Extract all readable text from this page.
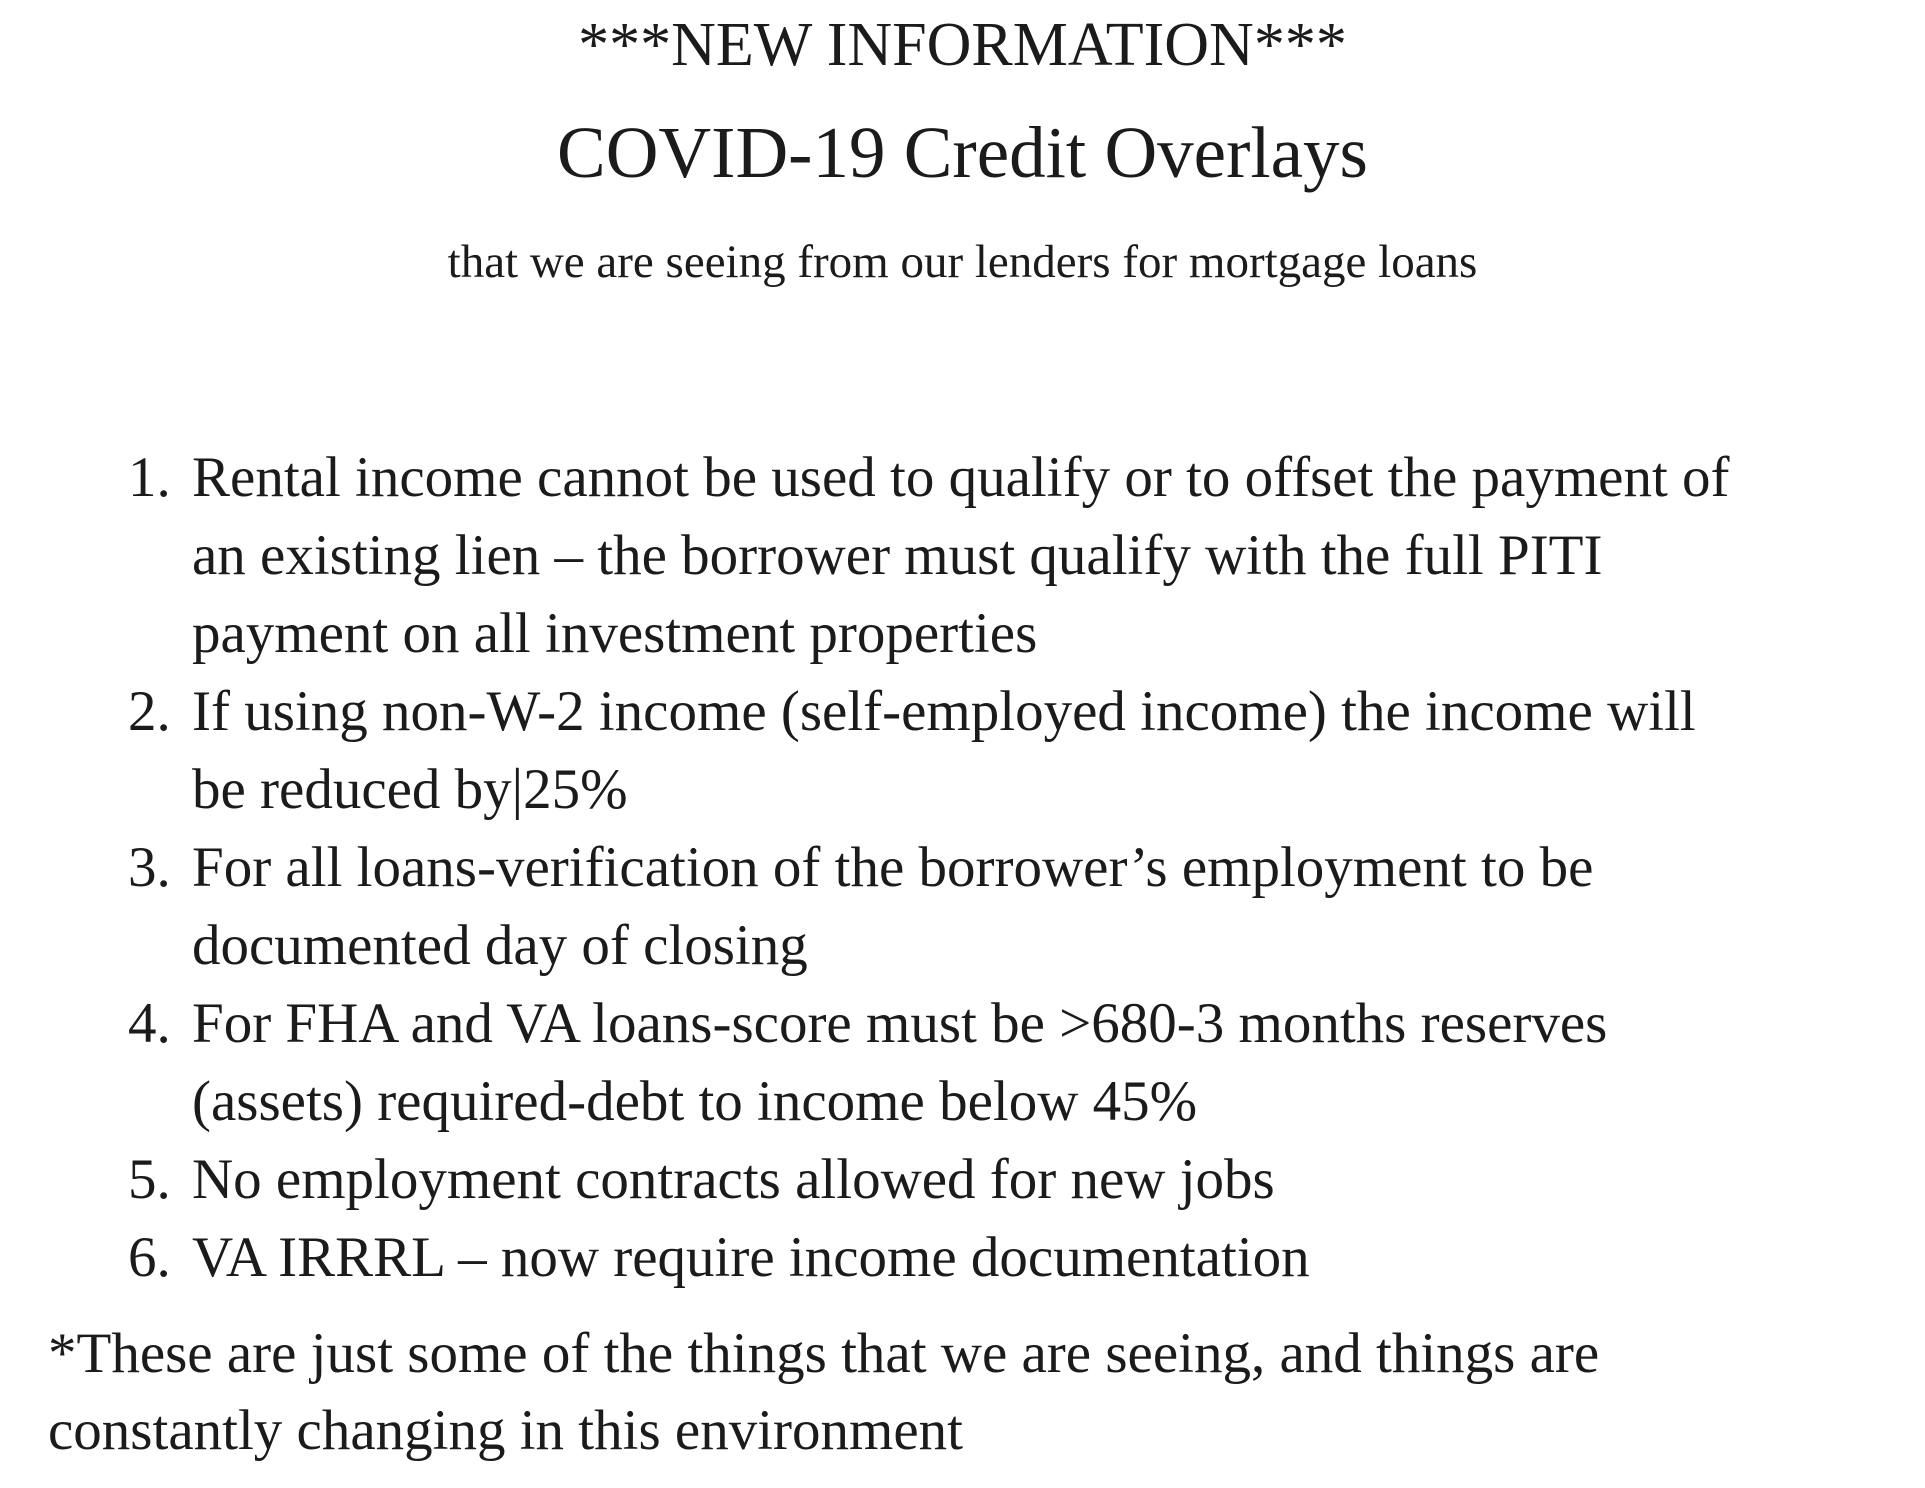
***NEW INFORMATION***
COVID-19 Credit Overlays
that we are seeing from our lenders for mortgage loans
1. Rental income cannot be used to qualify or to offset the payment of
an existing lien – the borrower must qualify with the full PITI
payment on all investment properties
2. If using non-W-2 income (self-employed income) the income will
be reduced by|25%
3. For all loans-verification of the borrower’s employment to be
documented day of closing
4. For FHA and VA loans-score must be >680-3 months reserves
(assets) required-debt to income below 45%
5. No employment contracts allowed for new jobs
6. VA IRRRL – now require income documentation
*These are just some of the things that we are seeing, and things are
constantly changing in this environment
